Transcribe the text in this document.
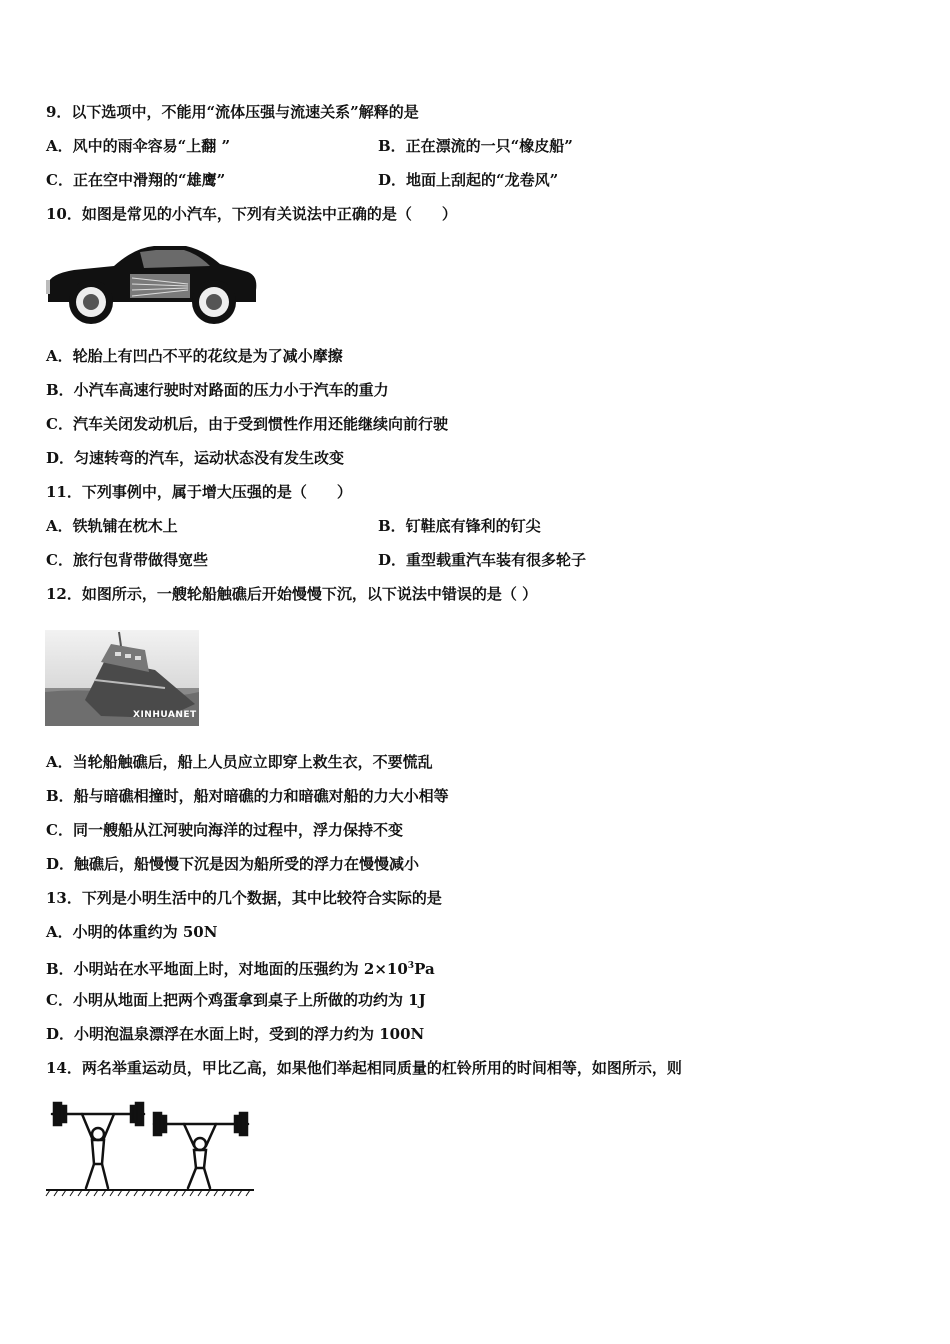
9．以下选项中，不能用“流体压强与流速关系”解释的是
A．风中的雨伞容易“上翻 ”	B．正在漂流的一只“橡皮船”
C．正在空中滑翔的“雄鹰”	D．地面上刮起的“龙卷风”
10．如图是常见的小汽车，下列有关说法中正确的是（　　）
A．轮胎上有凹凸不平的花纹是为了减小摩擦
B．小汽车高速行驶时对路面的压力小于汽车的重力
C．汽车关闭发动机后，由于受到惯性作用还能继续向前行驶
D．匀速转弯的汽车，运动状态没有发生改变
11．下列事例中，属于增大压强的是（　　）
A．铁轨铺在枕木上	B．钉鞋底有锋利的钉尖
C．旅行包背带做得宽些	D．重型载重汽车装有很多轮子
12．如图所示，一艘轮船触礁后开始慢慢下沉，以下说法中错误的是（ ）
XINHUANET
A．当轮船触礁后，船上人员应立即穿上救生衣，不要慌乱
B．船与暗礁相撞时，船对暗礁的力和暗礁对船的力大小相等
C．同一艘船从江河驶向海洋的过程中，浮力保持不变
D．触礁后，船慢慢下沉是因为船所受的浮力在慢慢减小
13．下列是小明生活中的几个数据，其中比较符合实际的是
A．小明的体重约为 50N
B．小明站在水平地面上时，对地面的压强约为 $2\times 10^3Pa$
C．小明从地面上把两个鸡蛋拿到桌子上所做的功约为 1J
D．小明泡温泉漂浮在水面上时，受到的浮力约为 100N
14．两名举重运动员，甲比乙高，如果他们举起相同质量的杠铃所用的时间相等，如图所示，则
